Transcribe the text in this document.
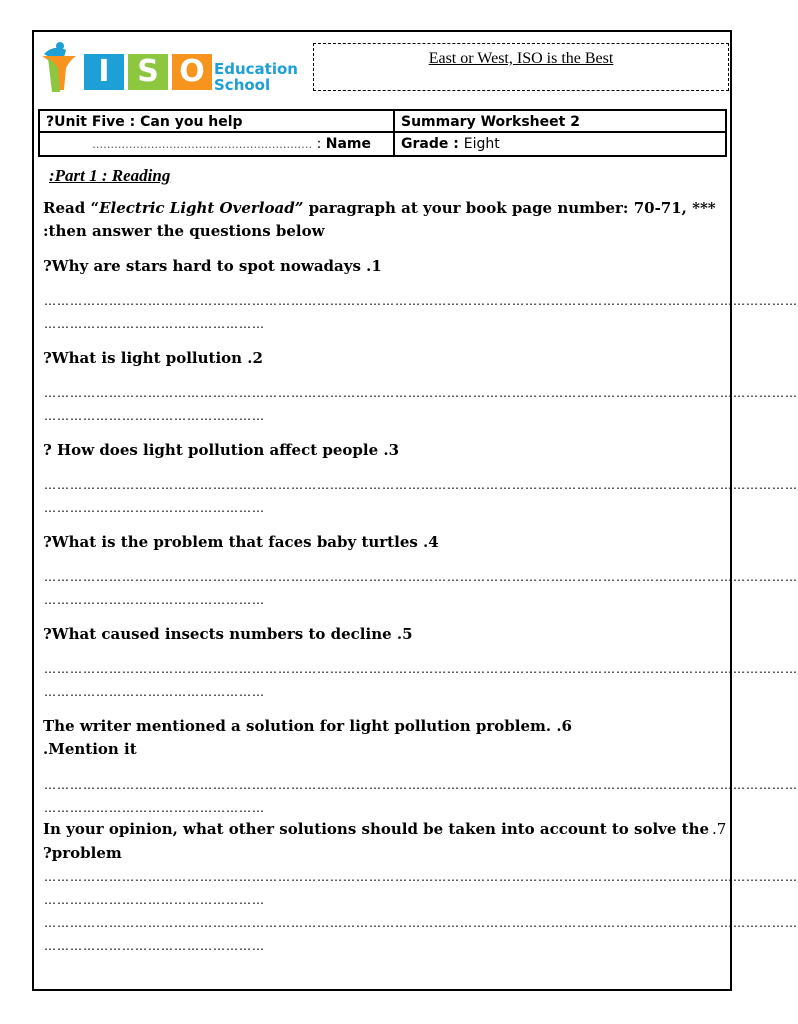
I S O Education
School
East or West, ISO is the Best
?Unit Five : Can you help	Summary Worksheet 2
…………………………………………………… : Name	Grade : Eight
:Part 1 : Reading
Read “Electric Light Overload” paragraph at your book page number: 70-71, ***
:then answer the questions below
?Why are stars hard to spot nowadays .1
…………………………………………………………………………………………………………………………………………………………
……………………………………………
?What is light pollution .2
…………………………………………………………………………………………………………………………………………………………
……………………………………………
? How does light pollution affect people .3
…………………………………………………………………………………………………………………………………………………………
……………………………………………
?What is the problem that faces baby turtles .4
…………………………………………………………………………………………………………………………………………………………
……………………………………………
?What caused insects numbers to decline .5
…………………………………………………………………………………………………………………………………………………………
……………………………………………
The writer mentioned a solution for light pollution problem. .6
.Mention it
…………………………………………………………………………………………………………………………………………………………
……………………………………………
In your opinion, what other solutions should be taken into account to solve the .7
?problem
…………………………………………………………………………………………………………………………………………………………
……………………………………………
…………………………………………………………………………………………………………………………………………………………
……………………………………………
